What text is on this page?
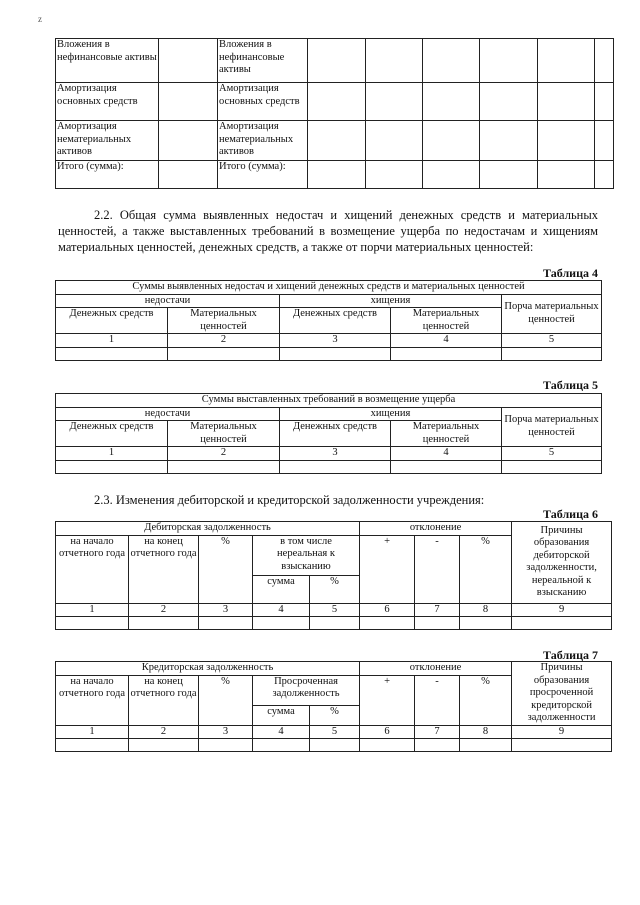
z
Вложения в нефинансовые активы		Вложения в нефинансовые активы						
Амортизация основных средств		Амортизация основных средств						
Амортизация нематериальных активов		Амортизация нематериальных активов						
Итого (сумма):		Итого (сумма):						
2.2. Общая сумма выявленных недостач и хищений денежных средств и материальных ценностей, а также выставленных требований в возмещение ущерба по недостачам и хищениям материальных ценностей, денежных средств, а также от порчи материальных ценностей:
Таблица 4
Суммы выявленных недостач и хищений денежных средств и материальных ценностей				
недостачи		хищения		Порча материальных ценностей
Денежных средств	Материальных ценностей	Денежных средств	Материальных ценностей	
1	2	3	4	5

Таблица 5
Суммы выставленных требований в возмещение ущерба				
недостачи		хищения		Порча материальных ценностей
Денежных средств	Материальных ценностей	Денежных средств	Материальных ценностей	
1	2	3	4	5

2.3. Изменения дебиторской и кредиторской задолженности учреждения:
Таблица 6
Дебиторская задолженность					отклонение			Причины образования дебиторской задолженности, нереальной к взысканию
на начало отчетного года	на конец отчетного года	%	в том числе нереальная к взысканию		+	-	%	
			сумма	%				
1	2	3	4	5	6	7	8	9

Таблица 7
Кредиторская задолженность					отклонение			Причины образования просроченной кредиторской задолженности
на начало отчетного года	на конец отчетного года	%	Просроченная задолженность		+	-	%	
			сумма	%				
1	2	3	4	5	6	7	8	9
